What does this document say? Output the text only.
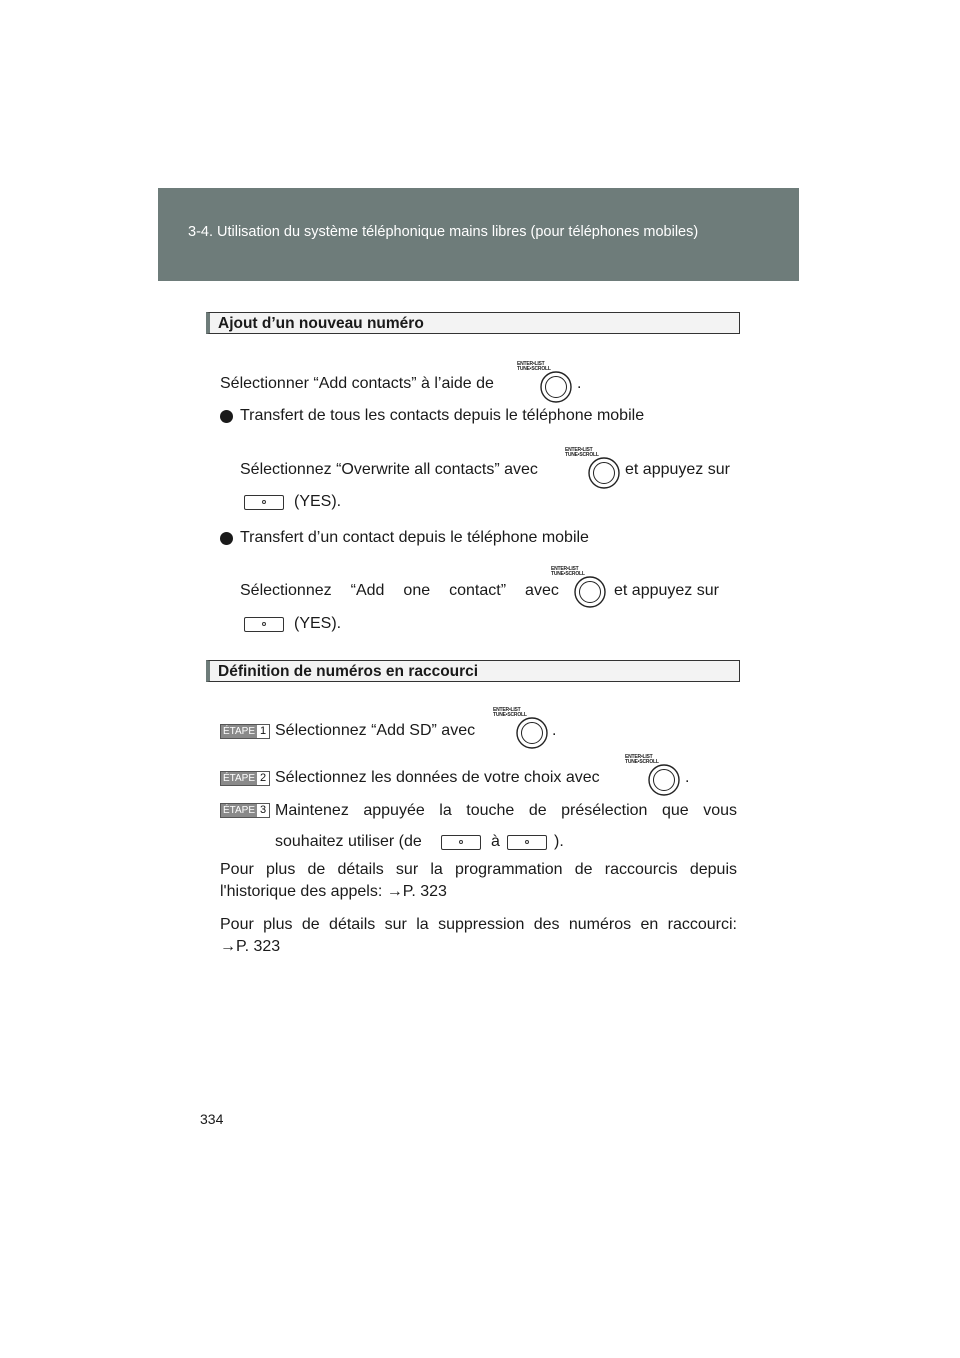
3-4. Utilisation du système téléphonique mains libres (pour téléphones mobiles)
Ajout d’un nouveau numéro
Sélectionner “Add contacts” à l’aide de
ENTER•LIST
TUNE•SCROLL
.
Transfert de tous les contacts depuis le téléphone mobile
Sélectionnez “Overwrite all contacts” avec
ENTER•LIST
TUNE•SCROLL
et appuyez sur
(YES).
Transfert d’un contact depuis le téléphone mobile
Sélectionnez “Add one contact” avec
ENTER•LIST
TUNE•SCROLL
et appuyez sur
(YES).
Définition de numéros en raccourci
ÉTAPE 1 Sélectionnez “Add SD” avec
ENTER•LIST
TUNE•SCROLL
.
ÉTAPE 2 Sélectionnez les données de votre choix avec
ENTER•LIST
TUNE•SCROLL
.
ÉTAPE 3 Maintenez appuyée la touche de présélection que vous
souhaitez utiliser (de	à	).
Pour plus de détails sur la programmation de raccourcis depuis
l'historique des appels: →P. 323
Pour plus de détails sur la suppression des numéros en raccourci:
→P. 323
334
